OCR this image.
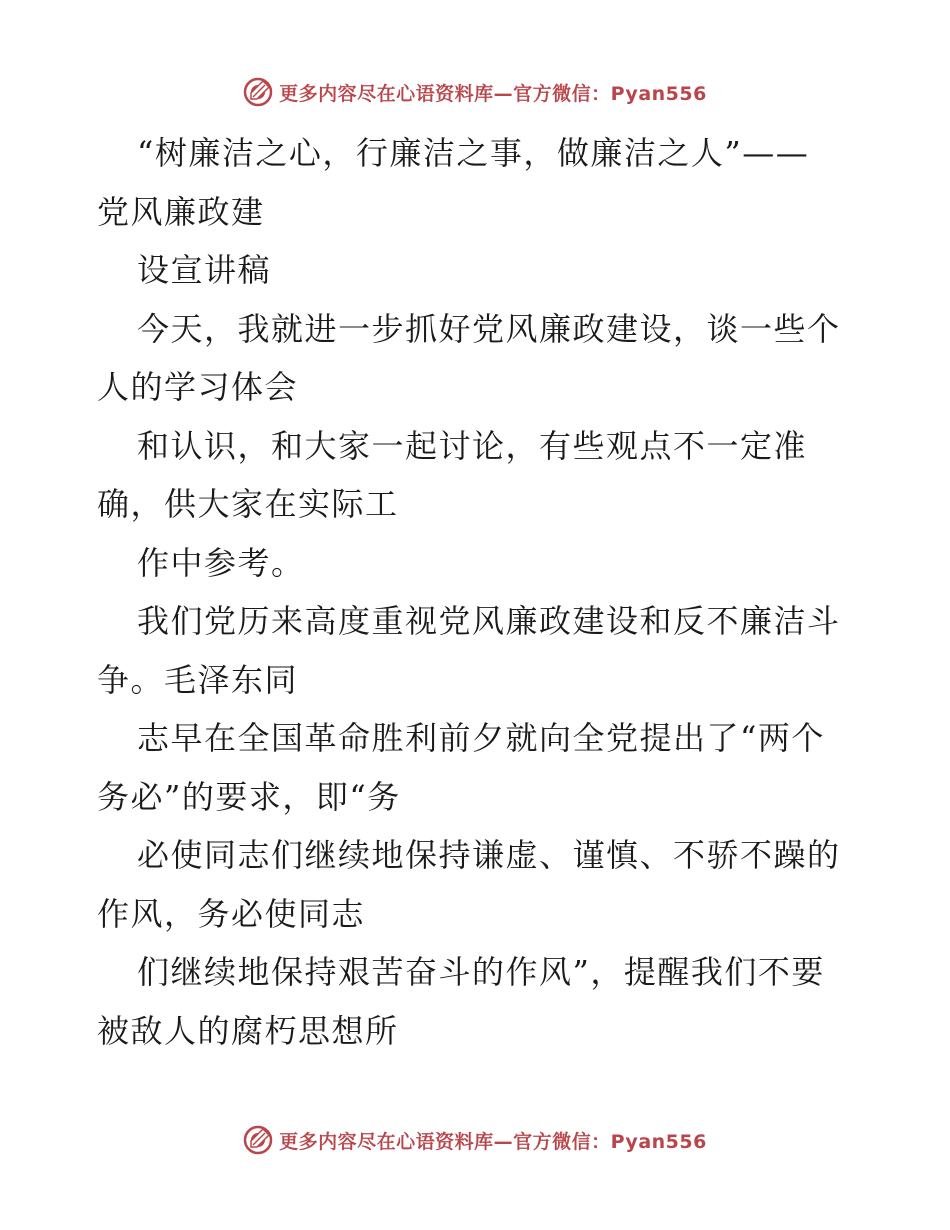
更多内容尽在心语资料库—官方微信：Pyan556
“树廉洁之心，行廉洁之事，做廉洁之人”——
党风廉政建
设宣讲稿
今天，我就进一步抓好党风廉政建设，谈一些个
人的学习体会
和认识，和大家一起讨论，有些观点不一定准
确，供大家在实际工
作中参考。
我们党历来高度重视党风廉政建设和反不廉洁斗
争。毛泽东同
志早在全国革命胜利前夕就向全党提出了“两个
务必”的要求，即“务
必使同志们继续地保持谦虚、谨慎、不骄不躁的
作风，务必使同志
们继续地保持艰苦奋斗的作风”，提醒我们不要
被敌人的腐朽思想所
更多内容尽在心语资料库—官方微信：Pyan556
